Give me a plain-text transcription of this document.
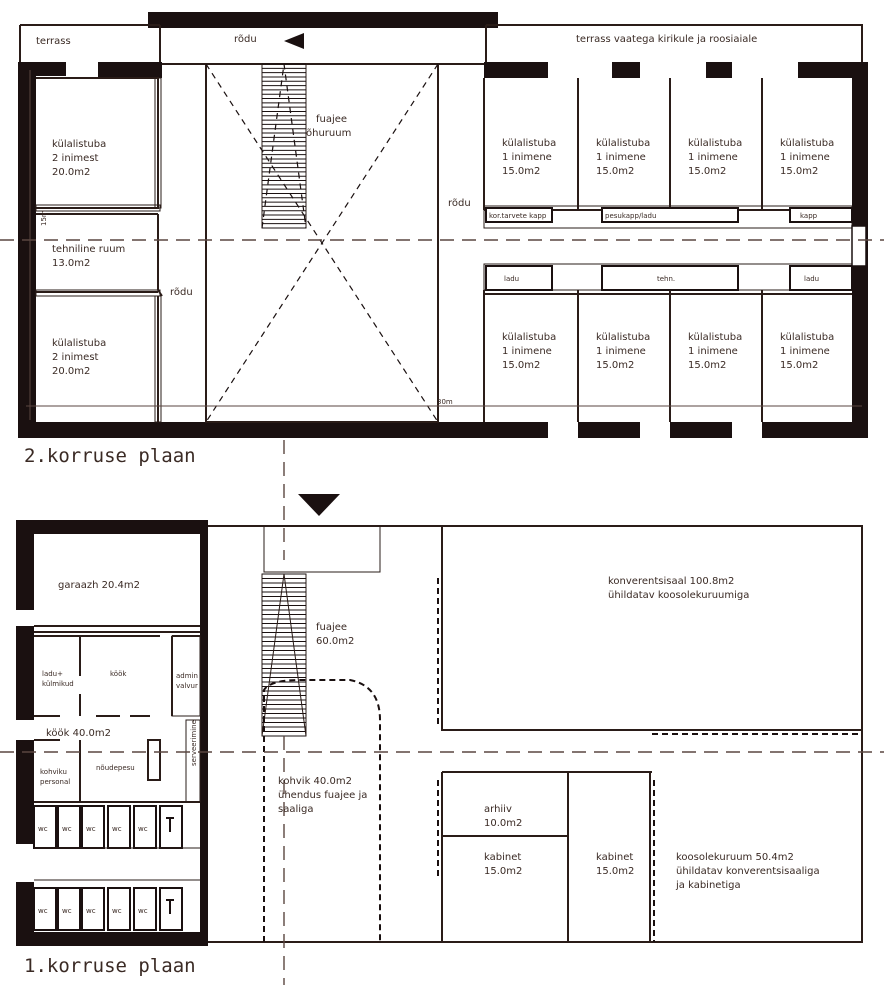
terrass	rõdu	terrass vaatega kirikule ja roosiaiale
külalistuba
2 inimest
20.0m2
tehniline ruum
13.0m2
külalistuba
2 inimest
20.0m2
rõdu
fuajee
õhuruum
rõdu
külalistuba
1 inimene
15.0m2
külalistuba
1 inimene
15.0m2
külalistuba
1 inimene
15.0m2
külalistuba
1 inimene
15.0m2
külalistuba
1 inimene
15.0m2
külalistuba
1 inimene
15.0m2
külalistuba
1 inimene
15.0m2
külalistuba
1 inimene
15.0m2
kor.tarvete kapp	pesukapp/ladu	kapp
ladu	tehn.	ladu
15m
30m
2.korruse plaan
wc wc wc wc wc
wc wc wc wc wc
garaazh 20.4m2
ladu+
külmikud
köök	admin
valvur
köök 40.0m2
kohviku
personal
nõudepesu
serveerimine
fuajee
60.0m2
kohvik 40.0m2
ühendus fuajee ja
saaliga
konverentsisaal 100.8m2
ühildatav koosolekuruumiga
arhiiv
10.0m2
kabinet
15.0m2
kabinet
15.0m2
koosolekuruum 50.4m2
ühildatav konverentsisaaliga
ja kabinetiga
1.korruse plaan
